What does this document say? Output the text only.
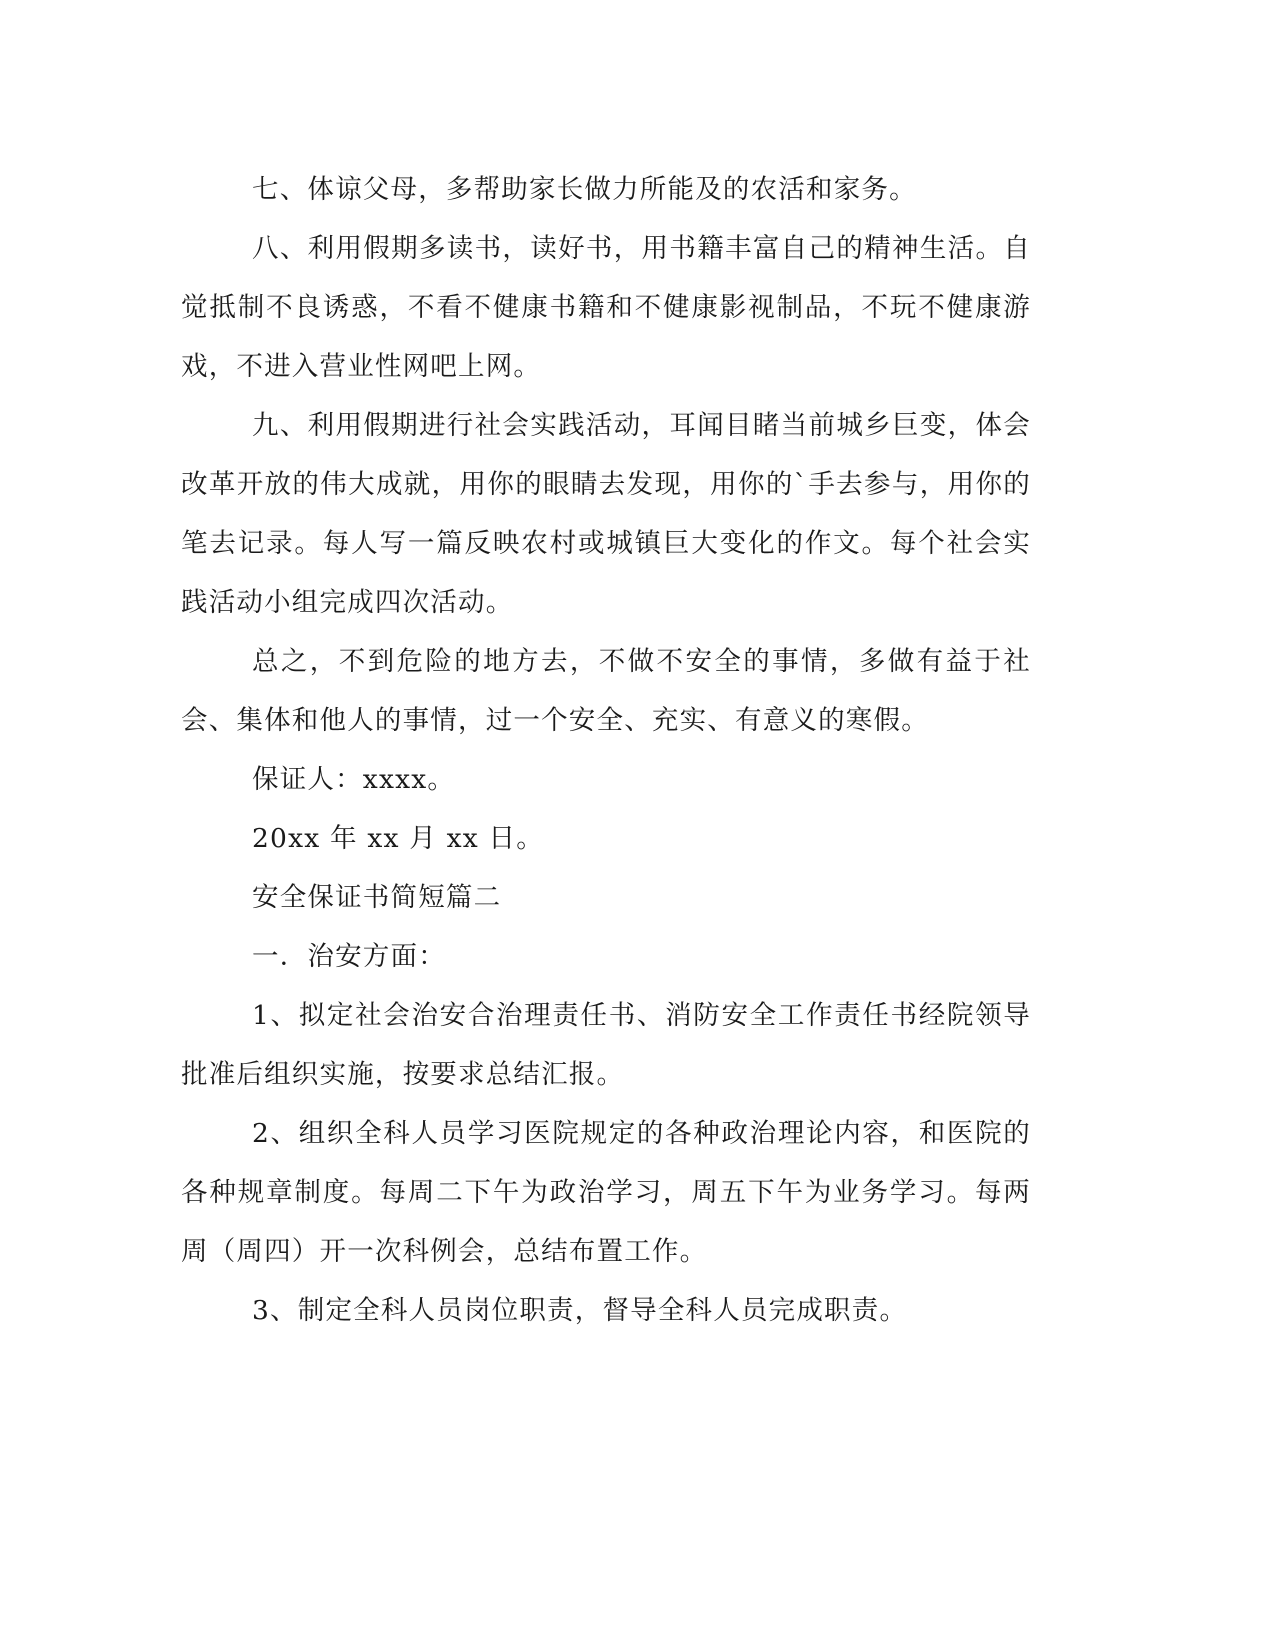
七、体谅父母，多帮助家长做力所能及的农活和家务。

八、利用假期多读书，读好书，用书籍丰富自己的精神生活。自觉抵制不良诱惑，不看不健康书籍和不健康影视制品，不玩不健康游戏，不进入营业性网吧上网。

九、利用假期进行社会实践活动，耳闻目睹当前城乡巨变，体会改革开放的伟大成就，用你的眼睛去发现，用你的`手去参与，用你的笔去记录。每人写一篇反映农村或城镇巨大变化的作文。每个社会实践活动小组完成四次活动。

总之，不到危险的地方去，不做不安全的事情，多做有益于社会、集体和他人的事情，过一个安全、充实、有意义的寒假。

保证人：xxxx。

20xx 年 xx 月 xx 日。

安全保证书简短篇二

一．治安方面：

1、拟定社会治安合治理责任书、消防安全工作责任书经院领导批准后组织实施，按要求总结汇报。

2、组织全科人员学习医院规定的各种政治理论内容，和医院的各种规章制度。每周二下午为政治学习，周五下午为业务学习。每两周（周四）开一次科例会，总结布置工作。

3、制定全科人员岗位职责，督导全科人员完成职责。
